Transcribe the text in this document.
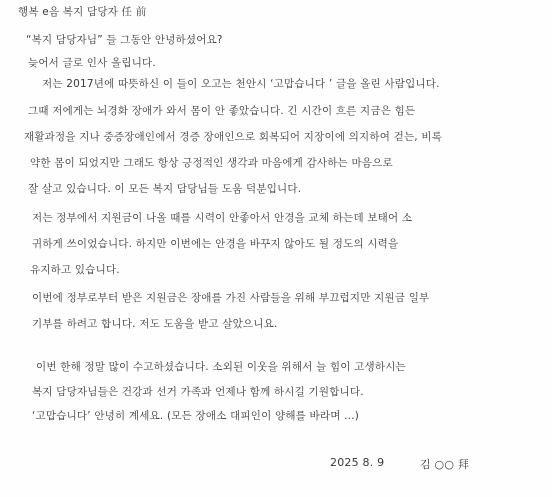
행복 e음 복지 담당자 任 前
“복지 담당자님” 들 그동안 안녕하셨어요?
늦어서 글로 인사 올립니다.
저는 2017년에 따뜻하신 이 들이 오고는 천안시 ‘고맙습니다 ’ 글을 올린 사람입니다.
그때 저에게는 뇌경화 장애가 와서 몸이 안 좋았습니다. 긴 시간이 흐른 지금은 힘든
재활과정을 지나 중증장애인에서 경증 장애인으로 회복되어 지장이에 의지하여 걷는, 비록
약한 몸이 되었지만 그래도 항상 긍정적인 생각과 마음에게 감사하는 마음으로
잘 살고 있습니다. 이 모든 복지 담당님들 도움 덕분입니다.
저는 정부에서 지원금이 나올 때를 시력이 안좋아서 안경을 교체 하는데 보태어 소
귀하게 쓰이었습니다. 하지만 이번에는 안경을 바꾸지 않아도 될 정도의 시력을
유지하고 있습니다.
이번에 정부로부터 받은 지원금은 장애를 가진 사람들을 위해 부끄럽지만 지원금 일부
기부를 하려고 합니다. 저도 도움을 받고 살았으니요.
이번 한해 정말 많이 수고하셨습니다. 소외된 이웃을 위해서 늘 힘이 고생하시는
복지 담당자님들은 건강과 선거 가족과 언제나 함께 하시길 기원합니다.
‘고맙습니다’ 안녕히 계세요. (모든 장애소 대피인이 양해를 바라며 ...)
2025 8. 9	김 ○○ 拜
